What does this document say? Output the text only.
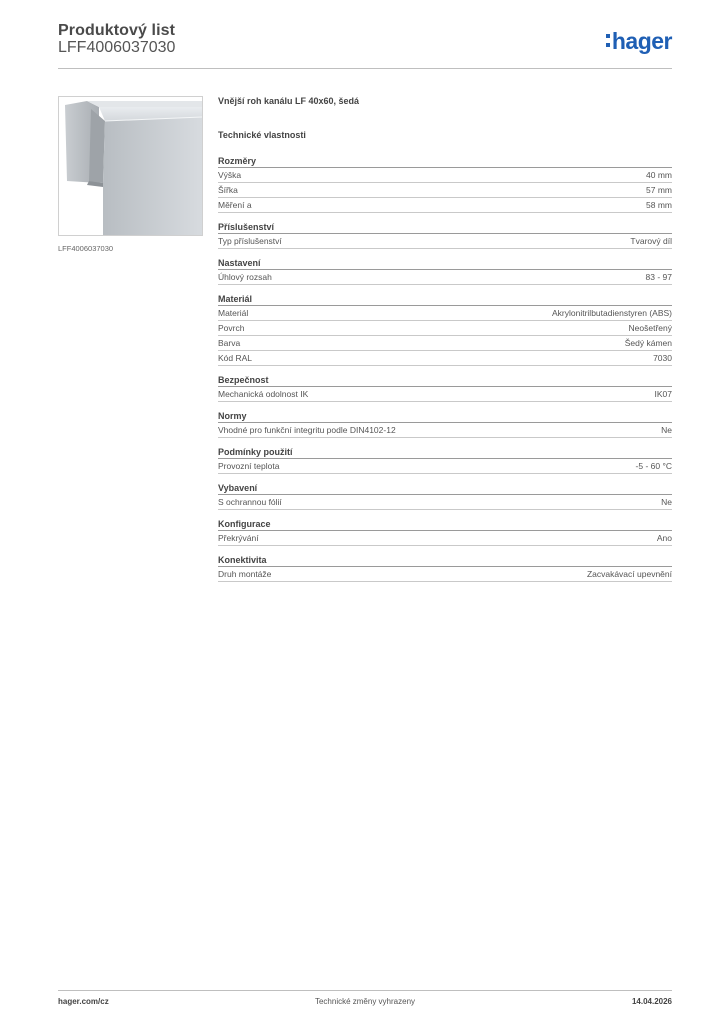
Produktový list
LFF4006037030	hager
LFF4006037030
Vnější roh kanálu LF 40x60, šedá
Technické vlastnosti
Rozměry
Výška	40 mm
Šířka	57 mm
Měření a	58 mm
Příslušenství
Typ příslušenství	Tvarový díl
Nastavení
Úhlový rozsah	83 - 97
Materiál
Materiál	Akrylonitrilbutadienstyren (ABS)
Povrch	Neošetřený
Barva	Šedý kámen
Kód RAL	7030
Bezpečnost
Mechanická odolnost IK	IK07
Normy
Vhodné pro funkční integritu podle DIN4102-12	Ne
Podmínky použití
Provozní teplota	-5 - 60 °C
Vybavení
S ochrannou fólií	Ne
Konfigurace
Překrývání	Ano
Konektivita
Druh montáže	Zacvakávací upevnění
hager.com/cz	Technické změny vyhrazeny	14.04.2026
